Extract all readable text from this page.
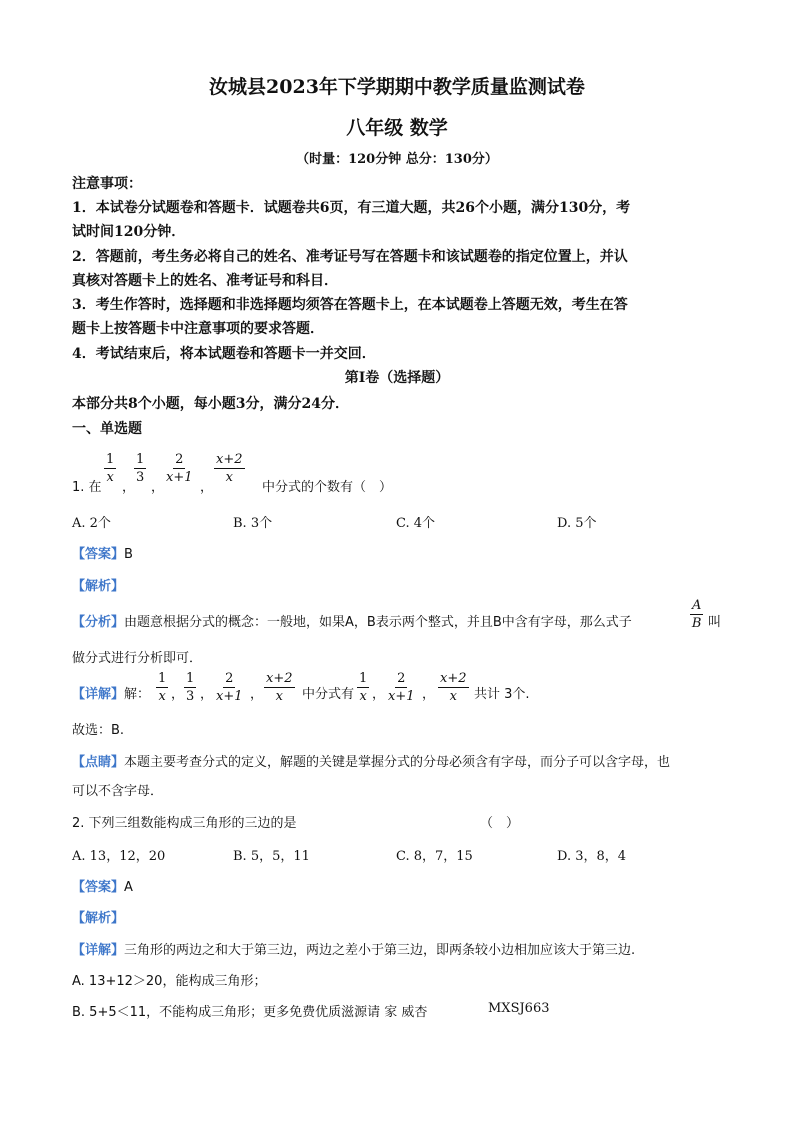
汝城县2023年下学期期中教学质量监测试卷
八年级 数学
（时量：120分钟 总分：130分）
注意事项：
1．本试卷分试题卷和答题卡．试题卷共6页，有三道大题，共26个小题，满分130分，考
试时间120分钟．
2．答题前，考生务必将自己的姓名、准考证号写在答题卡和该试题卷的指定位置上，并认
真核对答题卡上的姓名、准考证号和科目．
3．考生作答时，选择题和非选择题均须答在答题卡上，在本试题卷上答题无效，考生在答
题卡上按答题卡中注意事项的要求答题．
4．考试结束后，将本试题卷和答题卡一并交回．
第Ⅰ卷（选择题）
本部分共8个小题，每小题3分，满分24分．
一、单选题
1. 在
$\frac{1}{x}$
，
$\frac{1}{3}$
，
$\frac{2}{x+1}$
，
$\frac{x+2}{x}$
中分式的个数有（　）
A. 2个	B. 3个	C. 4个	D. 5个
【答案】B
【解析】
【分析】由题意根据分式的概念：一般地，如果A，B表示两个整式，并且B中含有字母，那么式子	$\frac{A}{B}$ 叫
做分式进行分析即可．
【详解】解： $\frac{1}{x}$ ， $\frac{1}{3}$ ， $\frac{2}{x+1}$ ， $\frac{x+2}{x}$ 中分式有 $\frac{1}{x}$ ， $\frac{2}{x+1}$ ， $\frac{x+2}{x}$ 共计 3个.
故选：B.
【点睛】本题主要考查分式的定义，解题的关键是掌握分式的分母必须含有字母，而分子可以含字母，也
可以不含字母．
2. 下列三组数能构成三角形的三边的是	（　）
A. 13，12，20	B. 5，5，11	C. 8，7，15	D. 3，8，4
【答案】A
【解析】
【详解】三角形的两边之和大于第三边，两边之差小于第三边，即两条较小边相加应该大于第三边.
A. 13+12＞20，能构成三角形；
B. 5+5＜11，不能构成三角形；更多免费优质滋源请 家 威杏	MXSJ663
